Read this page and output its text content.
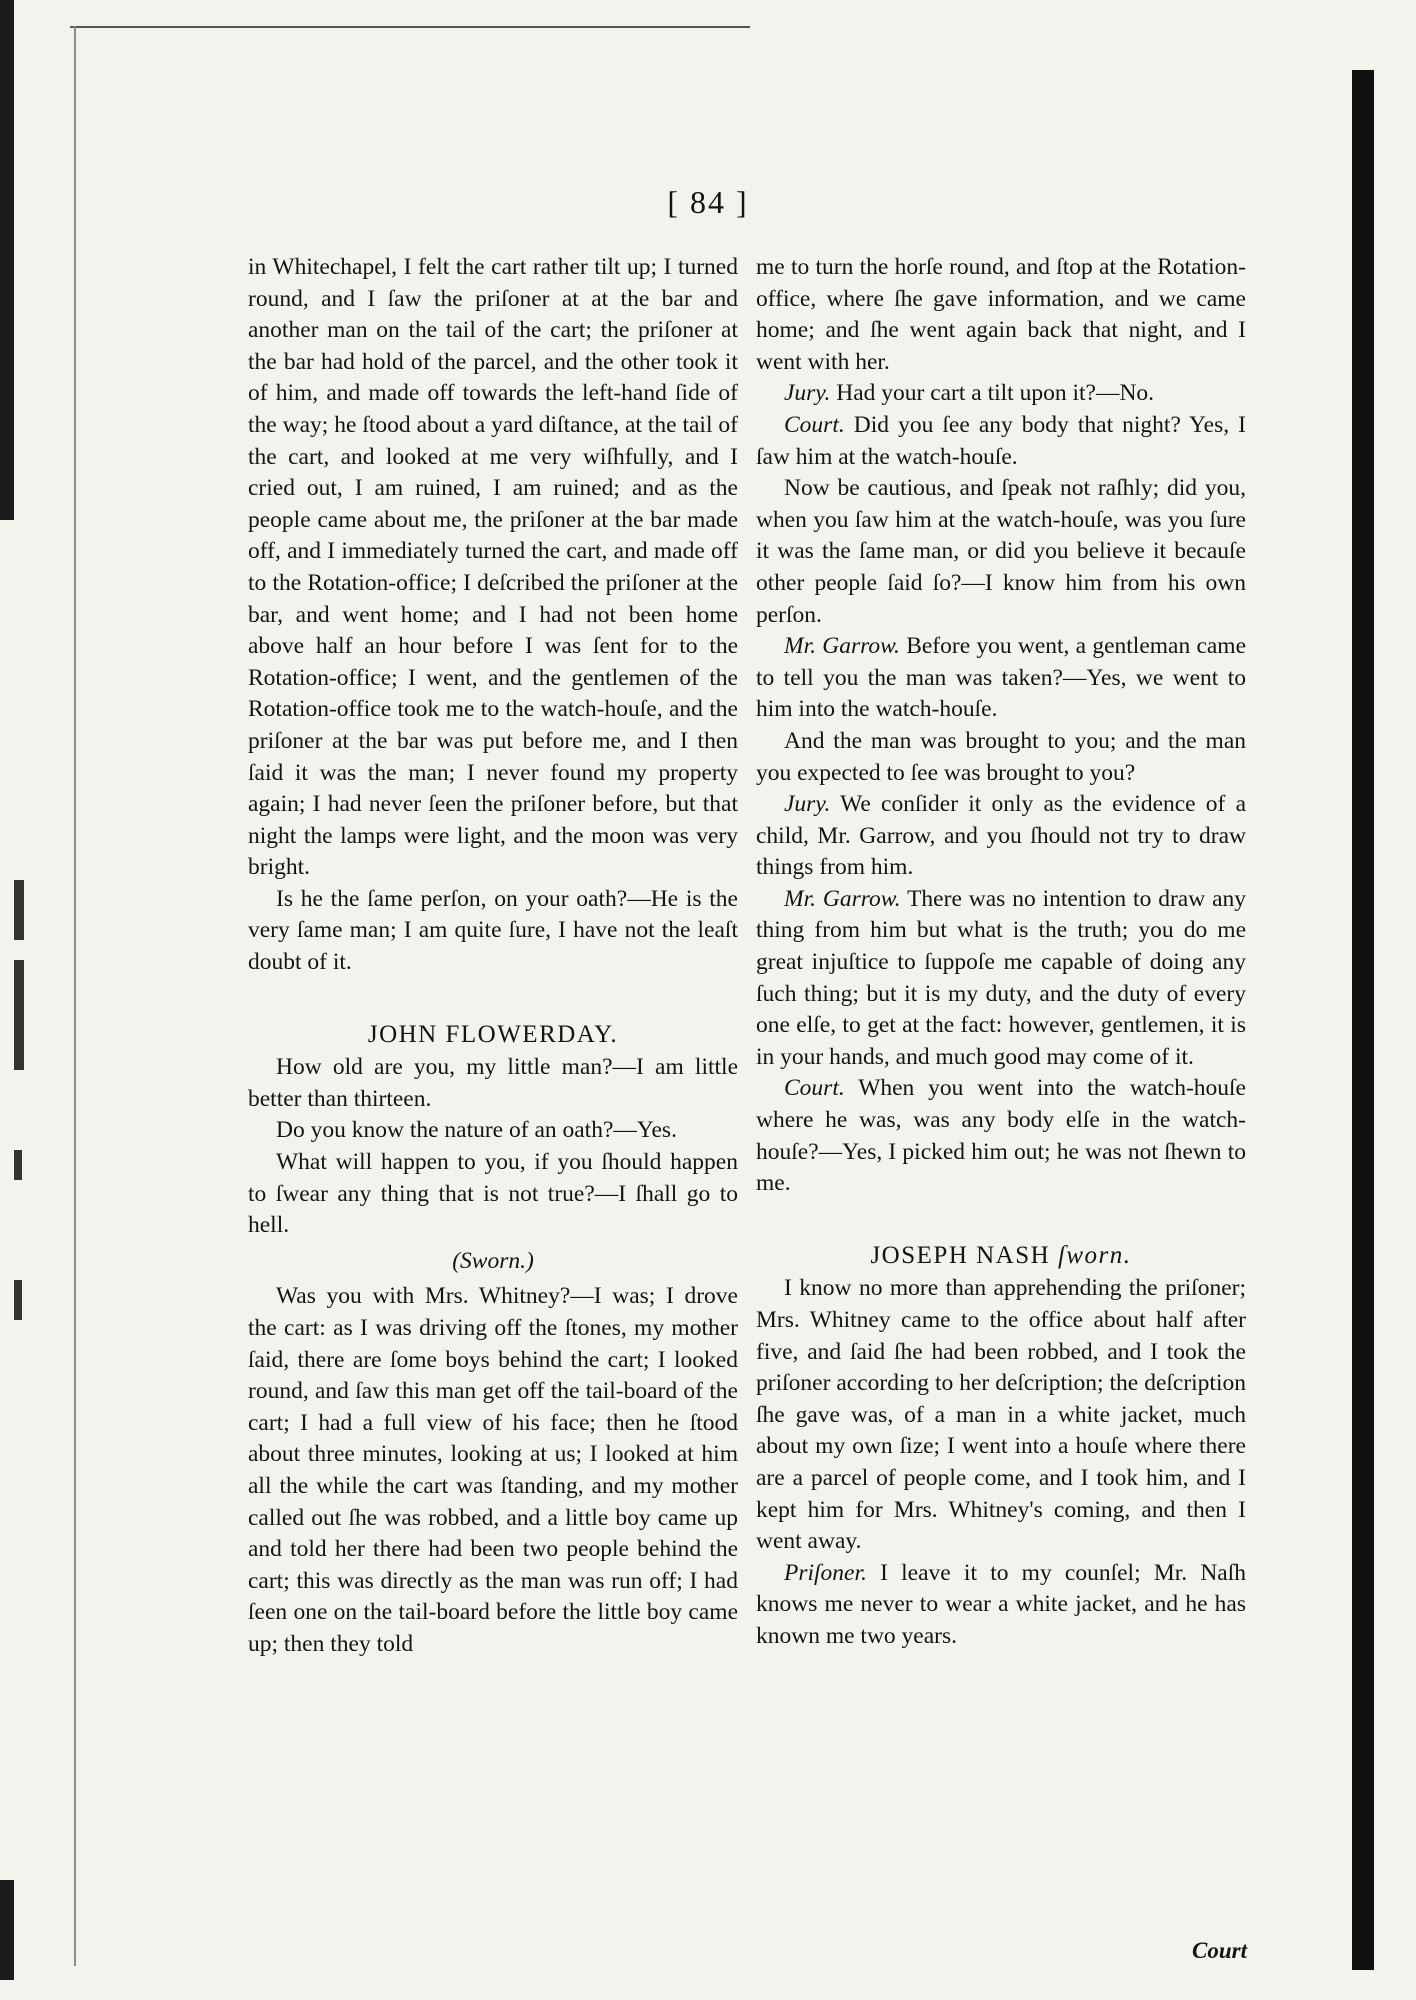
[ 84 ]

in Whitechapel, I felt the cart rather tilt up; I turned round, and I ſaw the priſoner at at the bar and another man on the tail of the cart; the priſoner at the bar had hold of the parcel, and the other took it of him, and made off towards the left-hand ſide of the way; he ſtood about a yard diſtance, at the tail of the cart, and looked at me very wiſhfully, and I cried out, I am ruined, I am ruined; and as the people came about me, the priſoner at the bar made off, and I immediately turned the cart, and made off to the Rotation-office; I deſcribed the priſoner at the bar, and went home; and I had not been home above half an hour before I was ſent for to the Rotation-office; I went, and the gentlemen of the Rotation-office took me to the watch-houſe, and the priſoner at the bar was put before me, and I then ſaid it was the man; I never found my property again; I had never ſeen the priſoner before, but that night the lamps were light, and the moon was very bright.

Is he the ſame perſon, on your oath?—He is the very ſame man; I am quite ſure, I have not the leaſt doubt of it.

JOHN FLOWERDAY.

How old are you, my little man?—I am little better than thirteen.

Do you know the nature of an oath?—Yes.

What will happen to you, if you ſhould happen to ſwear any thing that is not true?—I ſhall go to hell.

(Sworn.)

Was you with Mrs. Whitney?—I was; I drove the cart: as I was driving off the ſtones, my mother ſaid, there are ſome boys behind the cart; I looked round, and ſaw this man get off the tail-board of the cart; I had a full view of his face; then he ſtood about three minutes, looking at us; I looked at him all the while the cart was ſtanding, and my mother called out ſhe was robbed, and a little boy came up and told her there had been two people behind the cart; this was directly as the man was run off; I had ſeen one on the tail-board before the little boy came up; then they told

me to turn the horſe round, and ſtop at the Rotation-office, where ſhe gave information, and we came home; and ſhe went again back that night, and I went with her.

Jury. Had your cart a tilt upon it?—No.

Court. Did you ſee any body that night? Yes, I ſaw him at the watch-houſe.

Now be cautious, and ſpeak not raſhly; did you, when you ſaw him at the watch-houſe, was you ſure it was the ſame man, or did you believe it becauſe other people ſaid ſo?—I know him from his own perſon.

Mr. Garrow. Before you went, a gentleman came to tell you the man was taken?—Yes, we went to him into the watch-houſe.

And the man was brought to you; and the man you expected to ſee was brought to you?

Jury. We conſider it only as the evidence of a child, Mr. Garrow, and you ſhould not try to draw things from him.

Mr. Garrow. There was no intention to draw any thing from him but what is the truth; you do me great injuſtice to ſuppoſe me capable of doing any ſuch thing; but it is my duty, and the duty of every one elſe, to get at the fact: however, gentlemen, it is in your hands, and much good may come of it.

Court. When you went into the watch-houſe where he was, was any body elſe in the watch-houſe?—Yes, I picked him out; he was not ſhewn to me.

JOSEPH NASH ſworn.

I know no more than apprehending the priſoner; Mrs. Whitney came to the office about half after five, and ſaid ſhe had been robbed, and I took the priſoner according to her deſcription; the deſcription ſhe gave was, of a man in a white jacket, much about my own ſize; I went into a houſe where there are a parcel of people come, and I took him, and I kept him for Mrs. Whitney's coming, and then I went away.

Priſoner. I leave it to my counſel; Mr. Naſh knows me never to wear a white jacket, and he has known me two years.

Court
